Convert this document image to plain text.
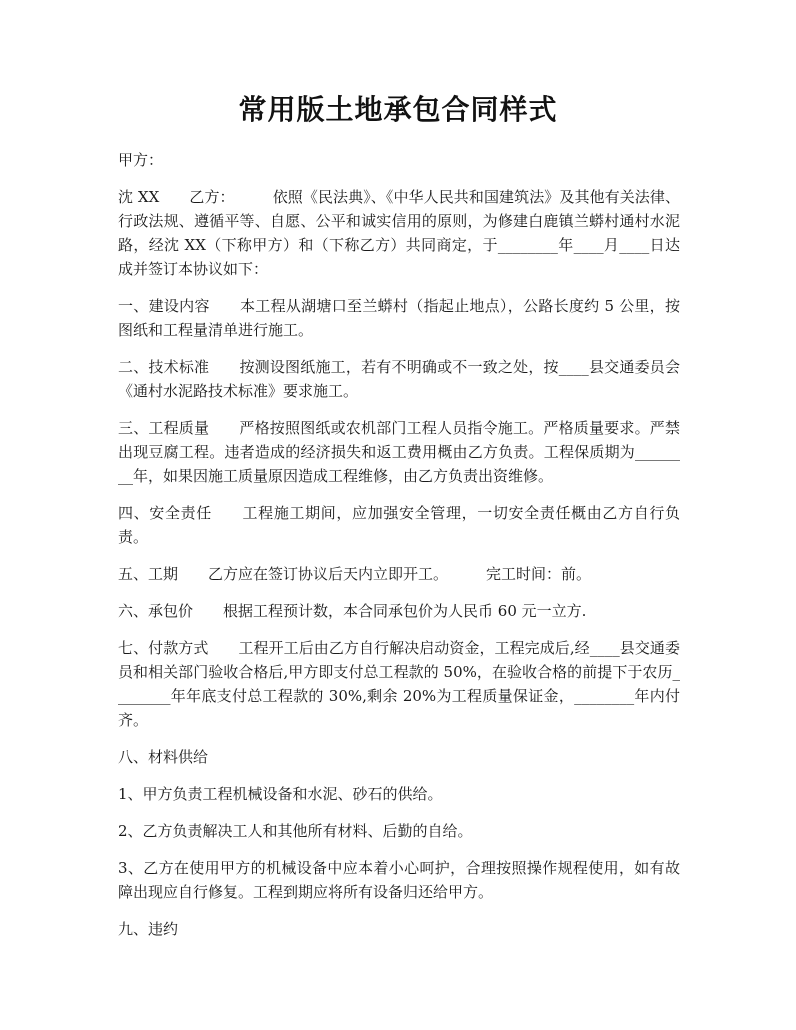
常用版土地承包合同样式

甲方：

沈 XX 乙方：	依照《民法典》、《中华人民共和国建筑法》及其他有关法律、行政法规、遵循平等、自愿、公平和诚实信用的原则，为修建白鹿镇兰蟒村通村水泥路，经沈 XX（下称甲方）和（下称乙方）共同商定，于________年____月____日达成并签订本协议如下：

一、建设内容 本工程从湖塘口至兰蟒村（指起止地点），公路长度约 5 公里，按图纸和工程量清单进行施工。

二、技术标准 按测设图纸施工，若有不明确或不一致之处，按____县交通委员会《通村水泥路技术标准》要求施工。

三、工程质量 严格按照图纸或农机部门工程人员指令施工。严格质量要求。严禁出现豆腐工程。违者造成的经济损失和返工费用概由乙方负责。工程保质期为________年，如果因施工质量原因造成工程维修，由乙方负责出资维修。

四、安全责任 工程施工期间，应加强安全管理，一切安全责任概由乙方自行负责。

五、工期 乙方应在签订协议后天内立即开工。	完工时间：前。

六、承包价 根据工程预计数，本合同承包价为人民币 60 元一立方.

七、付款方式 工程开工后由乙方自行解决启动资金，工程完成后,经____县交通委员和相关部门验收合格后,甲方即支付总工程款的 50%，在验收合格的前提下于农历________年年底支付总工程款的 30%,剩余 20%为工程质量保证金，________年内付齐。

八、材料供给

1、甲方负责工程机械设备和水泥、砂石的供给。

2、乙方负责解决工人和其他所有材料、后勤的自给。

3、乙方在使用甲方的机械设备中应本着小心呵护，合理按照操作规程使用，如有故障出现应自行修复。工程到期应将所有设备归还给甲方。

九、违约
